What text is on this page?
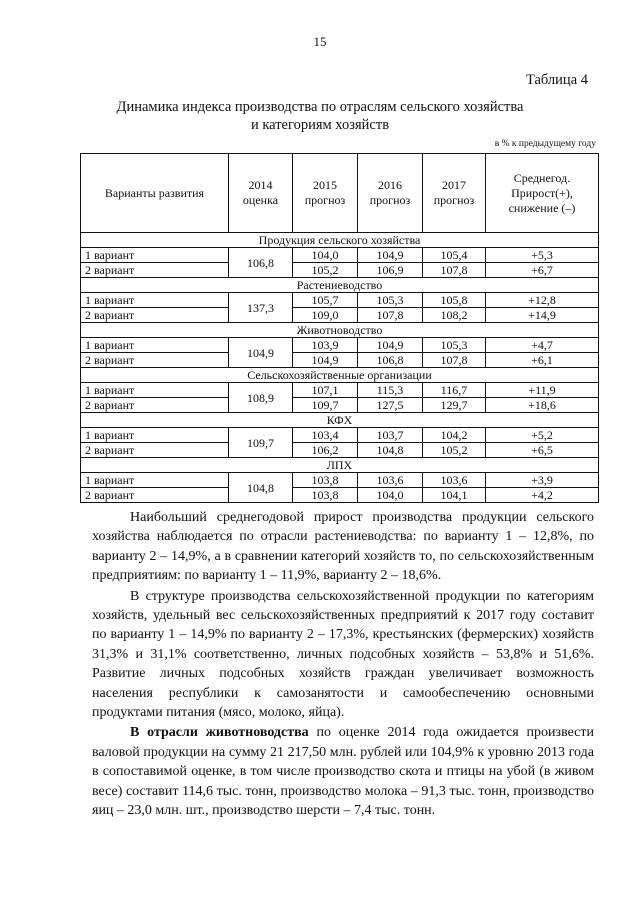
15
Таблица 4
Динамика индекса производства по отраслям сельского хозяйства
и категориям хозяйств
в % к предыдущему году
Варианты развития	2014 оценка	2015 прогноз	2016 прогноз	2017 прогноз	Среднегод. Прирост(+), снижение (–)
Продукция сельского хозяйства					
1 вариант	106,8	104,0	104,9	105,4	+5,3
2 вариант		105,2	106,9	107,8	+6,7
Растениеводство					
1 вариант	137,3	105,7	105,3	105,8	+12,8
2 вариант		109,0	107,8	108,2	+14,9
Животноводство					
1 вариант	104,9	103,9	104,9	105,3	+4,7
2 вариант		104,9	106,8	107,8	+6,1
Сельскохозяйственные организации					
1 вариант	108,9	107,1	115,3	116,7	+11,9
2 вариант		109,7	127,5	129,7	+18,6
КФХ					
1 вариант	109,7	103,4	103,7	104,2	+5,2
2 вариант		106,2	104,8	105,2	+6,5
ЛПХ					
1 вариант	104,8	103,8	103,6	103,6	+3,9
2 вариант		103,8	104,0	104,1	+4,2

Наибольший среднегодовой прирост производства продукции сельского хозяйства наблюдается по отрасли растениеводства: по варианту 1 – 12,8%, по варианту 2 – 14,9%, а в сравнении категорий хозяйств то, по сельскохозяйственным предприятиям: по варианту 1 – 11,9%, варианту 2 – 18,6%.

В структуре производства сельскохозяйственной продукции по категориям хозяйств, удельный вес сельскохозяйственных предприятий к 2017 году составит по варианту 1 – 14,9% по варианту 2 – 17,3%, крестьянских (фермерских) хозяйств 31,3% и 31,1% соответственно, личных подсобных хозяйств – 53,8% и 51,6%. Развитие личных подсобных хозяйств граждан увеличивает возможность населения республики к самозанятости и самообеспечению основными продуктами питания (мясо, молоко, яйца).

В отрасли животноводства по оценке 2014 года ожидается произвести валовой продукции на сумму 21 217,50 млн. рублей или 104,9% к уровню 2013 года в сопоставимой оценке, в том числе производство скота и птицы на убой (в живом весе) составит 114,6 тыс. тонн, производство молока – 91,3 тыс. тонн, производство яиц – 23,0 млн. шт., производство шерсти – 7,4 тыс. тонн.
